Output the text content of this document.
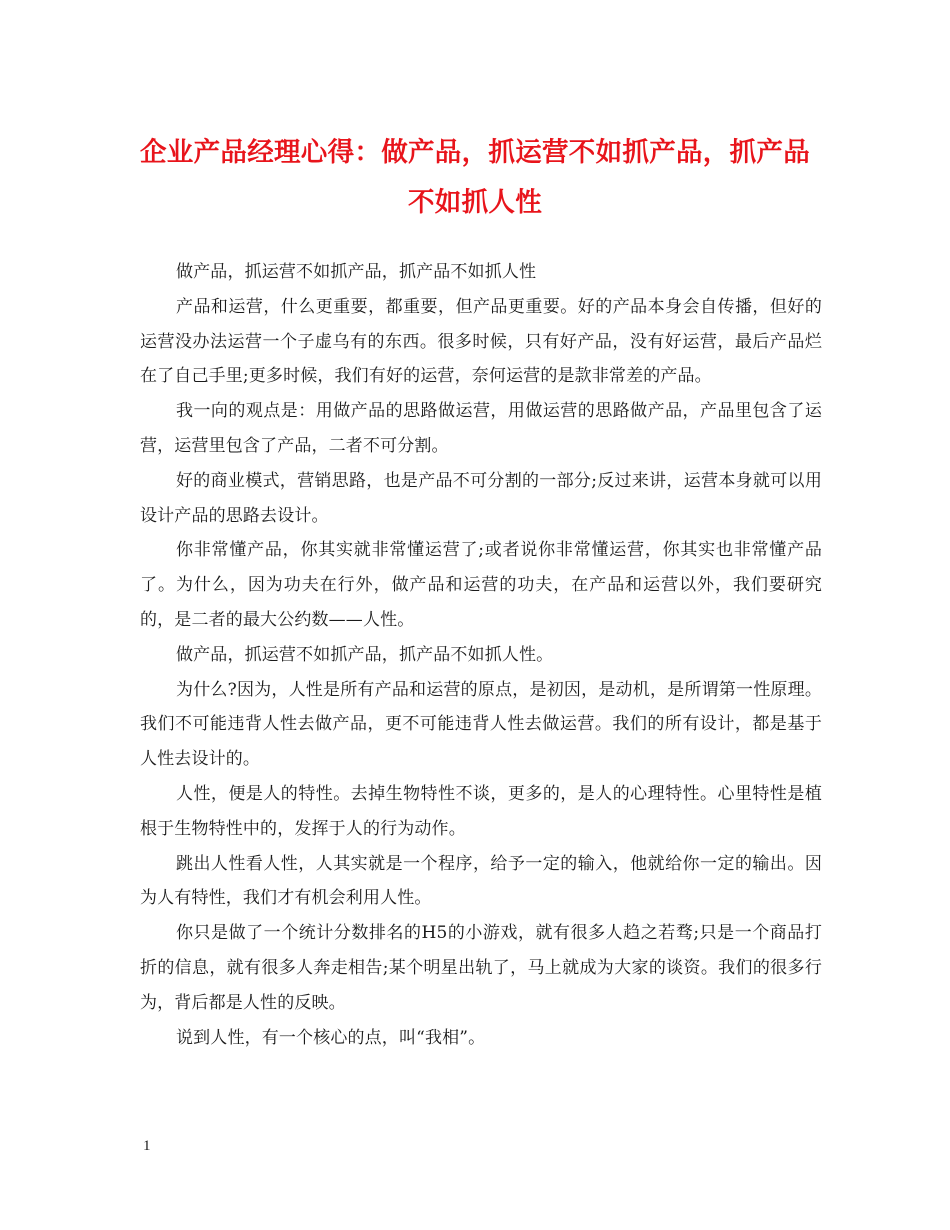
企业产品经理心得：做产品，抓运营不如抓产品，抓产品不如抓人性

做产品，抓运营不如抓产品，抓产品不如抓人性

产品和运营，什么更重要，都重要，但产品更重要。好的产品本身会自传播，但好的运营没办法运营一个子虚乌有的东西。很多时候，只有好产品，没有好运营，最后产品烂在了自己手里;更多时候，我们有好的运营，奈何运营的是款非常差的产品。

我一向的观点是：用做产品的思路做运营，用做运营的思路做产品，产品里包含了运营，运营里包含了产品，二者不可分割。

好的商业模式，营销思路，也是产品不可分割的一部分;反过来讲，运营本身就可以用设计产品的思路去设计。

你非常懂产品，你其实就非常懂运营了;或者说你非常懂运营，你其实也非常懂产品了。为什么，因为功夫在行外，做产品和运营的功夫，在产品和运营以外，我们要研究的，是二者的最大公约数——人性。

做产品，抓运营不如抓产品，抓产品不如抓人性。

为什么?因为，人性是所有产品和运营的原点，是初因，是动机，是所谓第一性原理。我们不可能违背人性去做产品，更不可能违背人性去做运营。我们的所有设计，都是基于人性去设计的。

人性，便是人的特性。去掉生物特性不谈，更多的，是人的心理特性。心里特性是植根于生物特性中的，发挥于人的行为动作。

跳出人性看人性，人其实就是一个程序，给予一定的输入，他就给你一定的输出。因为人有特性，我们才有机会利用人性。

你只是做了一个统计分数排名的H5的小游戏，就有很多人趋之若骛;只是一个商品打折的信息，就有很多人奔走相告;某个明星出轨了，马上就成为大家的谈资。我们的很多行为，背后都是人性的反映。

说到人性，有一个核心的点，叫“我相”。

1
